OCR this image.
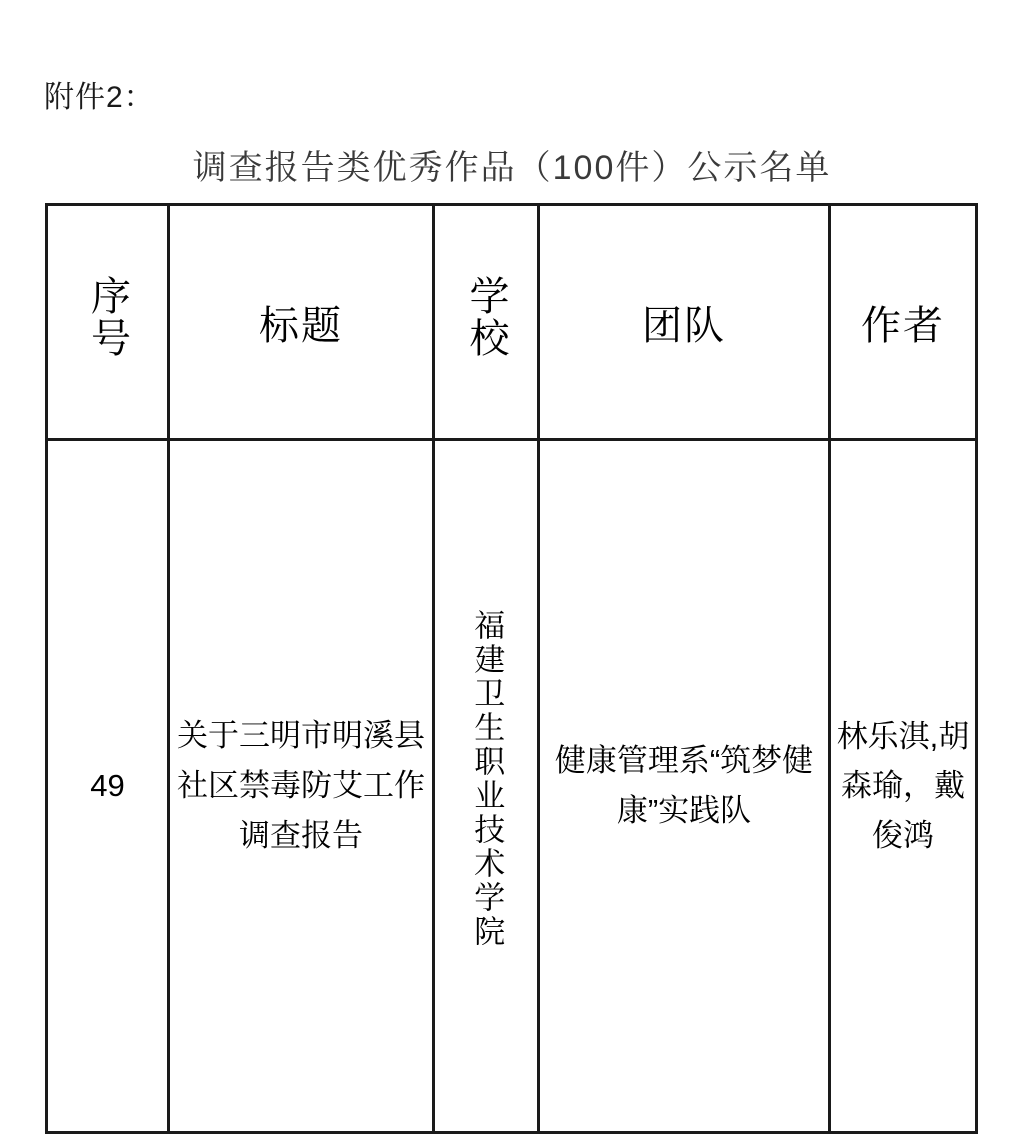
附件2：
调查报告类优秀作品（100件）公示名单
序号	标题	学校	团队	作者
49	关于三明市明溪县社区禁毒防艾工作调查报告	福建卫生职业技术学院	健康管理系“筑梦健康”实践队	林乐淇,胡森瑜，戴俊鸿
